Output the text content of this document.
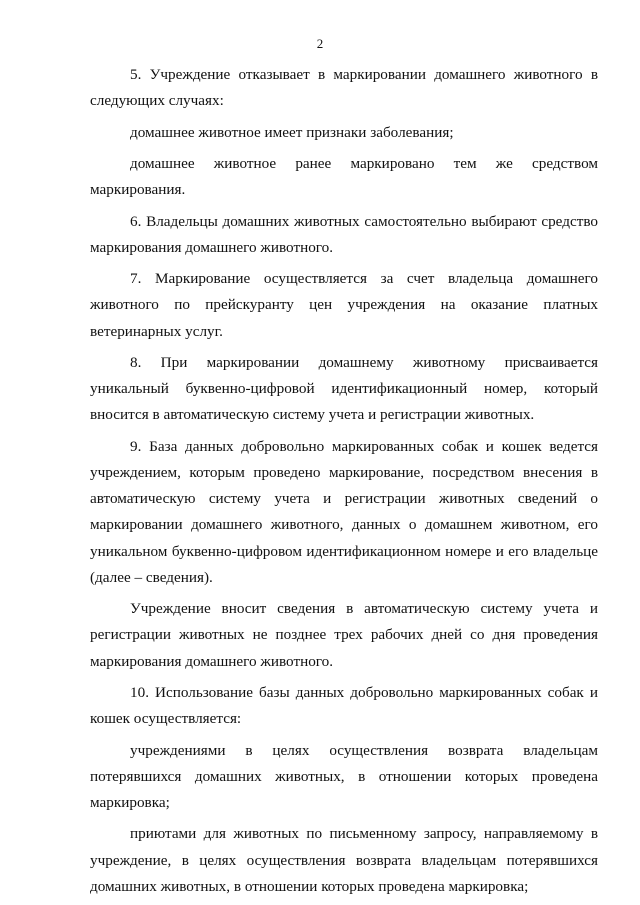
2

5. Учреждение отказывает в маркировании домашнего животного в следующих случаях:

домашнее животное имеет признаки заболевания;

домашнее животное ранее маркировано тем же средством маркирования.

6. Владельцы домашних животных самостоятельно выбирают средство маркирования домашнего животного.

7. Маркирование осуществляется за счет владельца домашнего животного по прейскуранту цен учреждения на оказание платных ветеринарных услуг.

8. При маркировании домашнему животному присваивается уникальный буквенно-цифровой идентификационный номер, который вносится в автоматическую систему учета и регистрации животных.

9. База данных добровольно маркированных собак и кошек ведется учреждением, которым проведено маркирование, посредством внесения в автоматическую систему учета и регистрации животных сведений о маркировании домашнего животного, данных о домашнем животном, его уникальном буквенно-цифровом идентификационном номере и его владельце (далее – сведения).

Учреждение вносит сведения в автоматическую систему учета и регистрации животных не позднее трех рабочих дней со дня проведения маркирования домашнего животного.

10. Использование базы данных добровольно маркированных собак и кошек осуществляется:

учреждениями в целях осуществления возврата владельцам потерявшихся домашних животных, в отношении которых проведена маркировка;

приютами для животных по письменному запросу, направляемому в учреждение, в целях осуществления возврата владельцам потерявшихся домашних животных, в отношении которых проведена маркировка;
